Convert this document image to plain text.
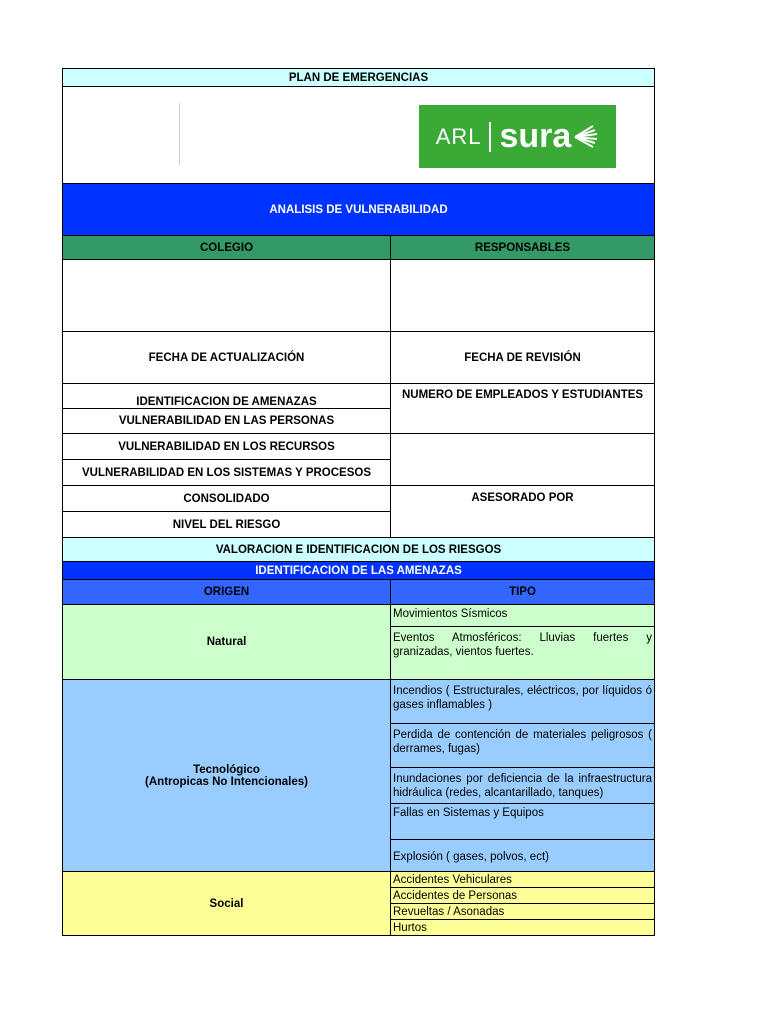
PLAN DE EMERGENCIAS	

ARL sura	

ANALISIS DE VULNERABILIDAD	
COLEGIO	RESPONSABLES

FECHA DE ACTUALIZACIÓN	FECHA DE REVISIÓN
IDENTIFICACION DE AMENAZAS	NUMERO DE EMPLEADOS Y ESTUDIANTES
VULNERABILIDAD EN LAS PERSONAS	
VULNERABILIDAD EN LOS RECURSOS	
VULNERABILIDAD EN LOS SISTEMAS Y PROCESOS	
CONSOLIDADO	ASESORADO POR
NIVEL DEL RIESGO	
VALORACION E IDENTIFICACION DE LOS RIESGOS	
IDENTIFICACION DE LAS AMENAZAS	
ORIGEN	TIPO
Natural	Movimientos Sísmicos
	Eventos Atmosféricos: Lluvias fuertes y granizadas, vientos fuertes.

Tecnológico
(Antropicas No Intencionales)	Incendios ( Estructurales, eléctricos, por líquidos ó gases inflamables )
	Perdida de contención de materiales peligrosos ( derrames, fugas)

	Inundaciones por deficiencia de la infraestructura hidráulica (redes, alcantarillado, tanques)

	Fallas en Sistemas y Equipos
	Explosión ( gases, polvos, ect)
Social	Accidentes Vehiculares
	Accidentes de Personas
	Revueltas / Asonadas
	Hurtos
